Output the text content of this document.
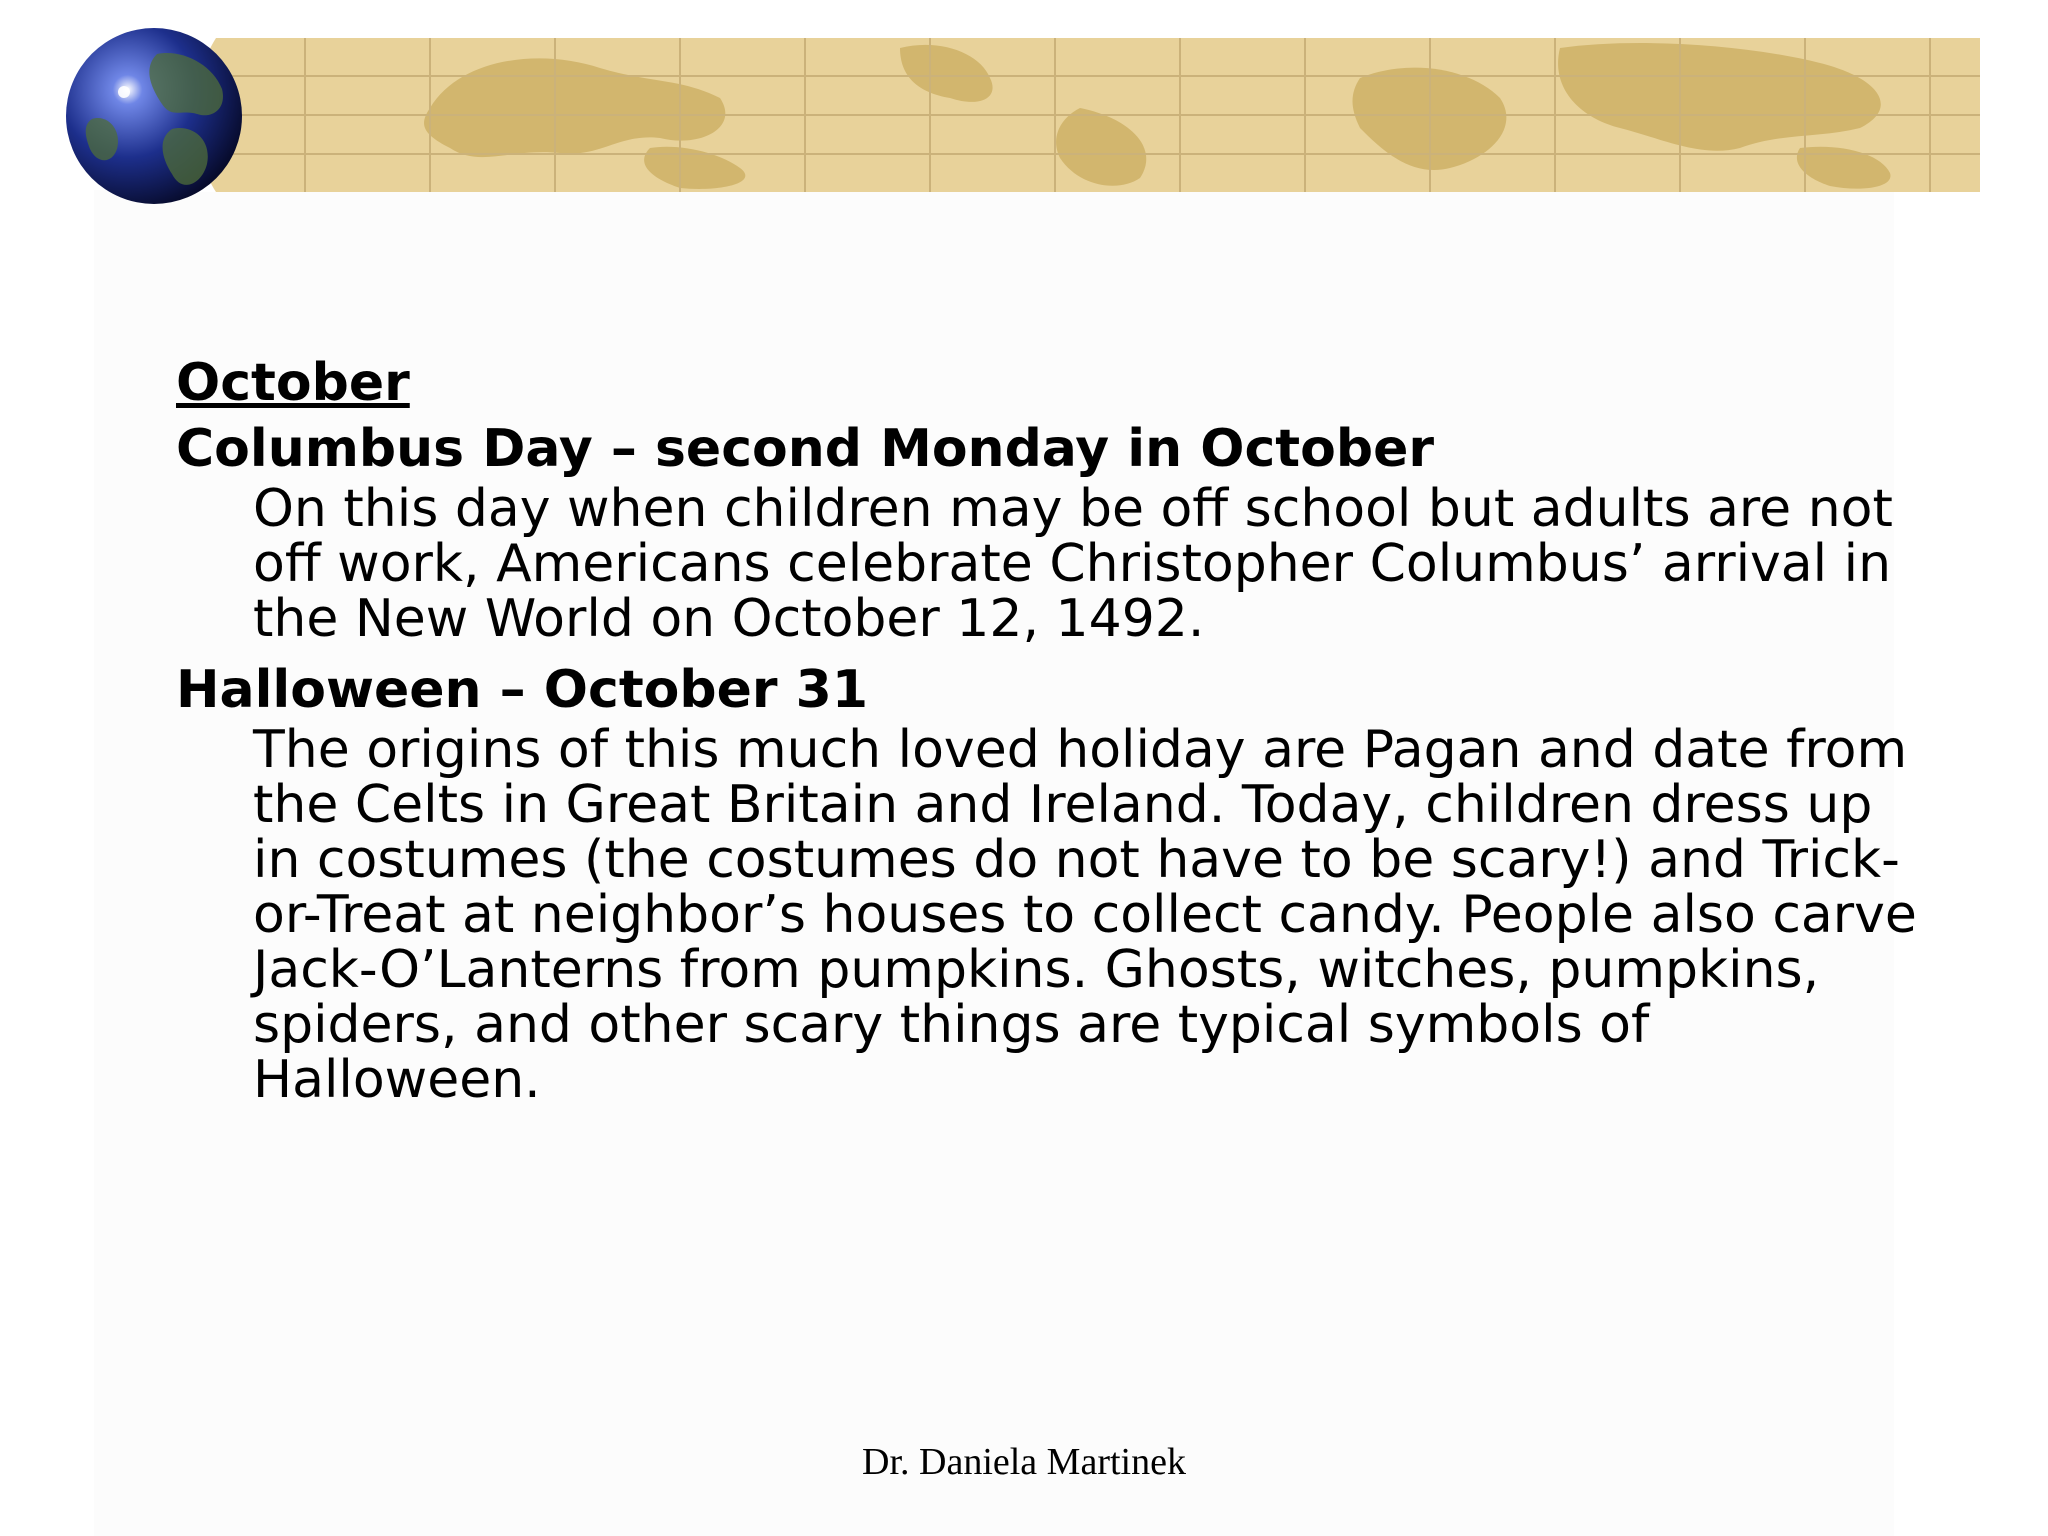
October

Columbus Day – second Monday in October

On this day when children may be off school but adults are not off work, Americans celebrate Christopher Columbus’ arrival in the New World on October 12, 1492.

Halloween – October 31

The origins of this much loved holiday are Pagan and date from the Celts in Great Britain and Ireland. Today, children dress up in costumes (the costumes do not have to be scary!) and Trick-or-Treat at neighbor’s houses to collect candy. People also carve Jack-O’Lanterns from pumpkins. Ghosts, witches, pumpkins, spiders, and other scary things are typical symbols of Halloween.

Dr. Daniela Martinek
